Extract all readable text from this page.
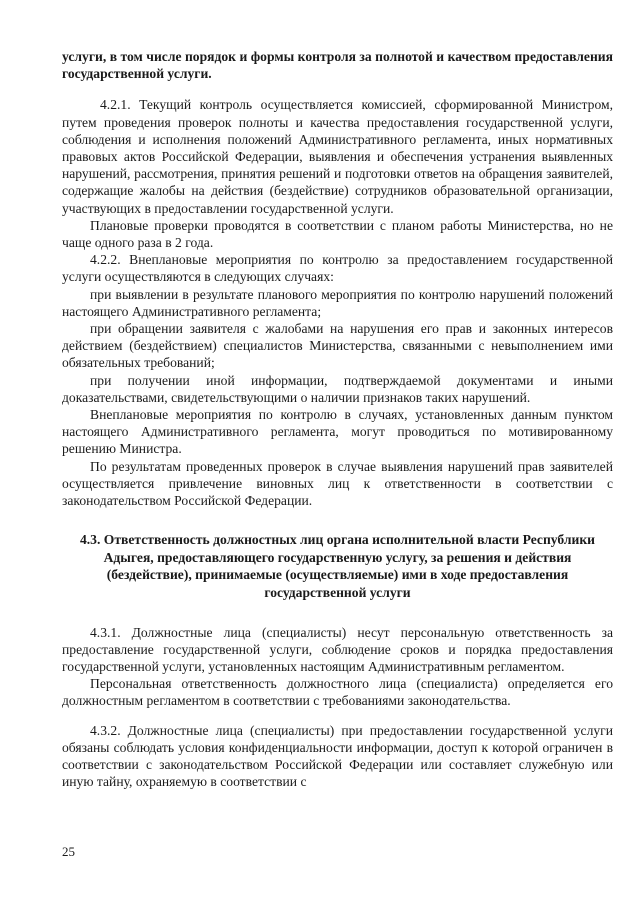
услуги, в том числе порядок и формы контроля за полнотой и качеством предоставления государственной услуги.

4.2.1. Текущий контроль осуществляется комиссией, сформированной Министром, путем проведения проверок полноты и качества предоставления государственной услуги, соблюдения и исполнения положений Административного регламента, иных нормативных правовых актов Российской Федерации, выявления и обеспечения устранения выявленных нарушений, рассмотрения, принятия решений и подготовки ответов на обращения заявителей, содержащие жалобы на действия (бездействие) сотрудников образовательной организации, участвующих в предоставлении государственной услуги.

Плановые проверки проводятся в соответствии с планом работы Министерства, но не чаще одного раза в 2 года.

4.2.2. Внеплановые мероприятия по контролю за предоставлением государственной услуги осуществляются в следующих случаях:

при выявлении в результате планового мероприятия по контролю нарушений положений настоящего Административного регламента;

при обращении заявителя с жалобами на нарушения его прав и законных интересов действием (бездействием) специалистов Министерства, связанными с невыполнением ими обязательных требований;

при получении иной информации, подтверждаемой документами и иными доказательствами, свидетельствующими о наличии признаков таких нарушений.

Внеплановые мероприятия по контролю в случаях, установленных данным пунктом настоящего Административного регламента, могут проводиться по мотивированному решению Министра.

По результатам проведенных проверок в случае выявления нарушений прав заявителей осуществляется привлечение виновных лиц к ответственности в соответствии с законодательством Российской Федерации.

4.3. Ответственность должностных лиц органа исполнительной власти Республики Адыгея, предоставляющего государственную услугу, за решения и действия (бездействие), принимаемые (осуществляемые) ими в ходе предоставления государственной услуги

4.3.1. Должностные лица (специалисты) несут персональную ответственность за предоставление государственной услуги, соблюдение сроков и порядка предоставления государственной услуги, установленных настоящим Административным регламентом.

Персональная ответственность должностного лица (специалиста) определяется его должностным регламентом в соответствии с требованиями законодательства.

4.3.2. Должностные лица (специалисты) при предоставлении государственной услуги обязаны соблюдать условия конфиденциальности информации, доступ к которой ограничен в соответствии с законодательством Российской Федерации или составляет служебную или иную тайну, охраняемую в соответствии с

25
